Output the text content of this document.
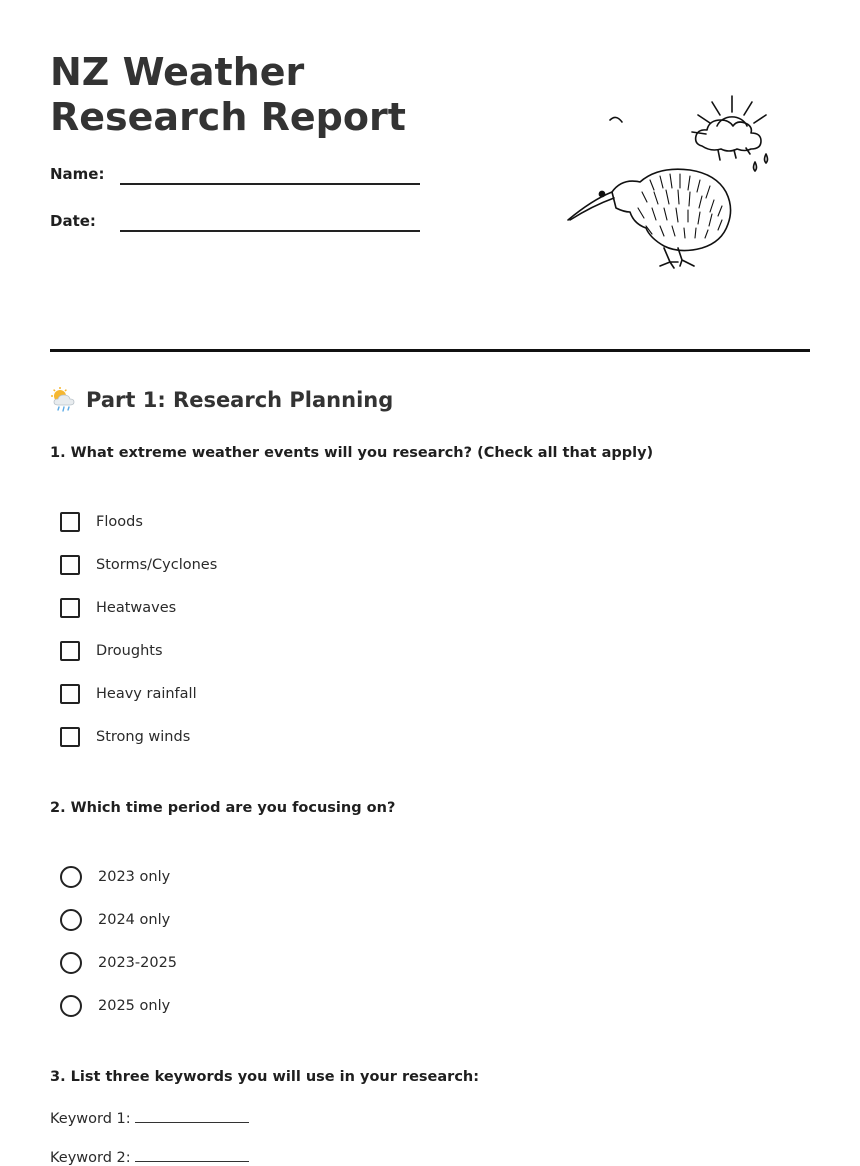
NZ Weather Research Report
Name:
Date:
Part 1: Research Planning
1. What extreme weather events will you research? (Check all that apply)
Floods
Storms/Cyclones
Heatwaves
Droughts
Heavy rainfall
Strong winds
2. Which time period are you focusing on?
2023 only
2024 only
2023-2025
2025 only
3. List three keywords you will use in your research:
Keyword 1:
Keyword 2:
